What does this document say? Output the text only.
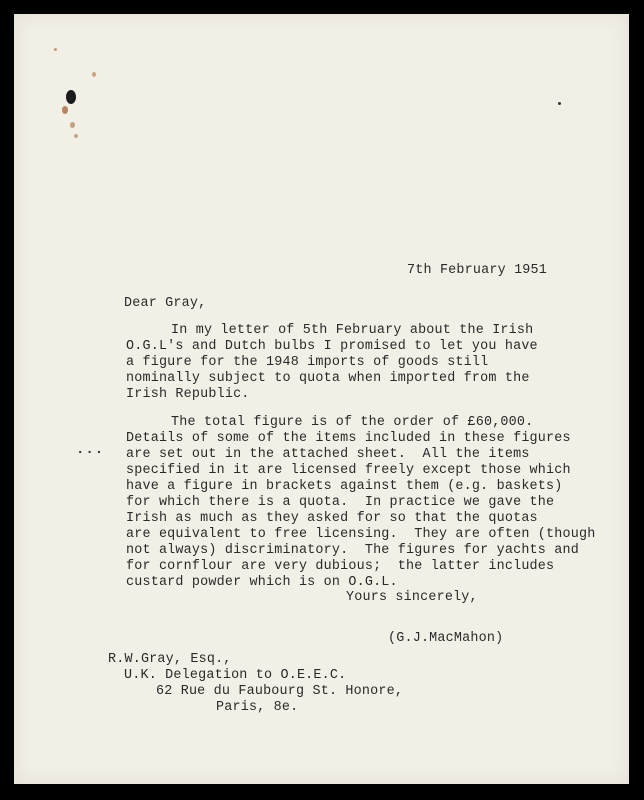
7th February 1951

Dear Gray,

In my letter of 5th February about the Irish

O.G.L's and Dutch bulbs I promised to let you have

a figure for the 1948 imports of goods still

nominally subject to quota when imported from the

Irish Republic.

...

The total figure is of the order of £60,000.

Details of some of the items included in these figures

are set out in the attached sheet.  All the items

specified in it are licensed freely except those which

have a figure in brackets against them (e.g. baskets)

for which there is a quota.  In practice we gave the

Irish as much as they asked for so that the quotas

are equivalent to free licensing.  They are often (though

not always) discriminatory.  The figures for yachts and

for cornflour are very dubious;  the latter includes

custard powder which is on O.G.L.

Yours sincerely,

(G.J.MacMahon)

R.W.Gray, Esq.,

U.K. Delegation to O.E.E.C.

62 Rue du Faubourg St. Honore,

Paris, 8e.
